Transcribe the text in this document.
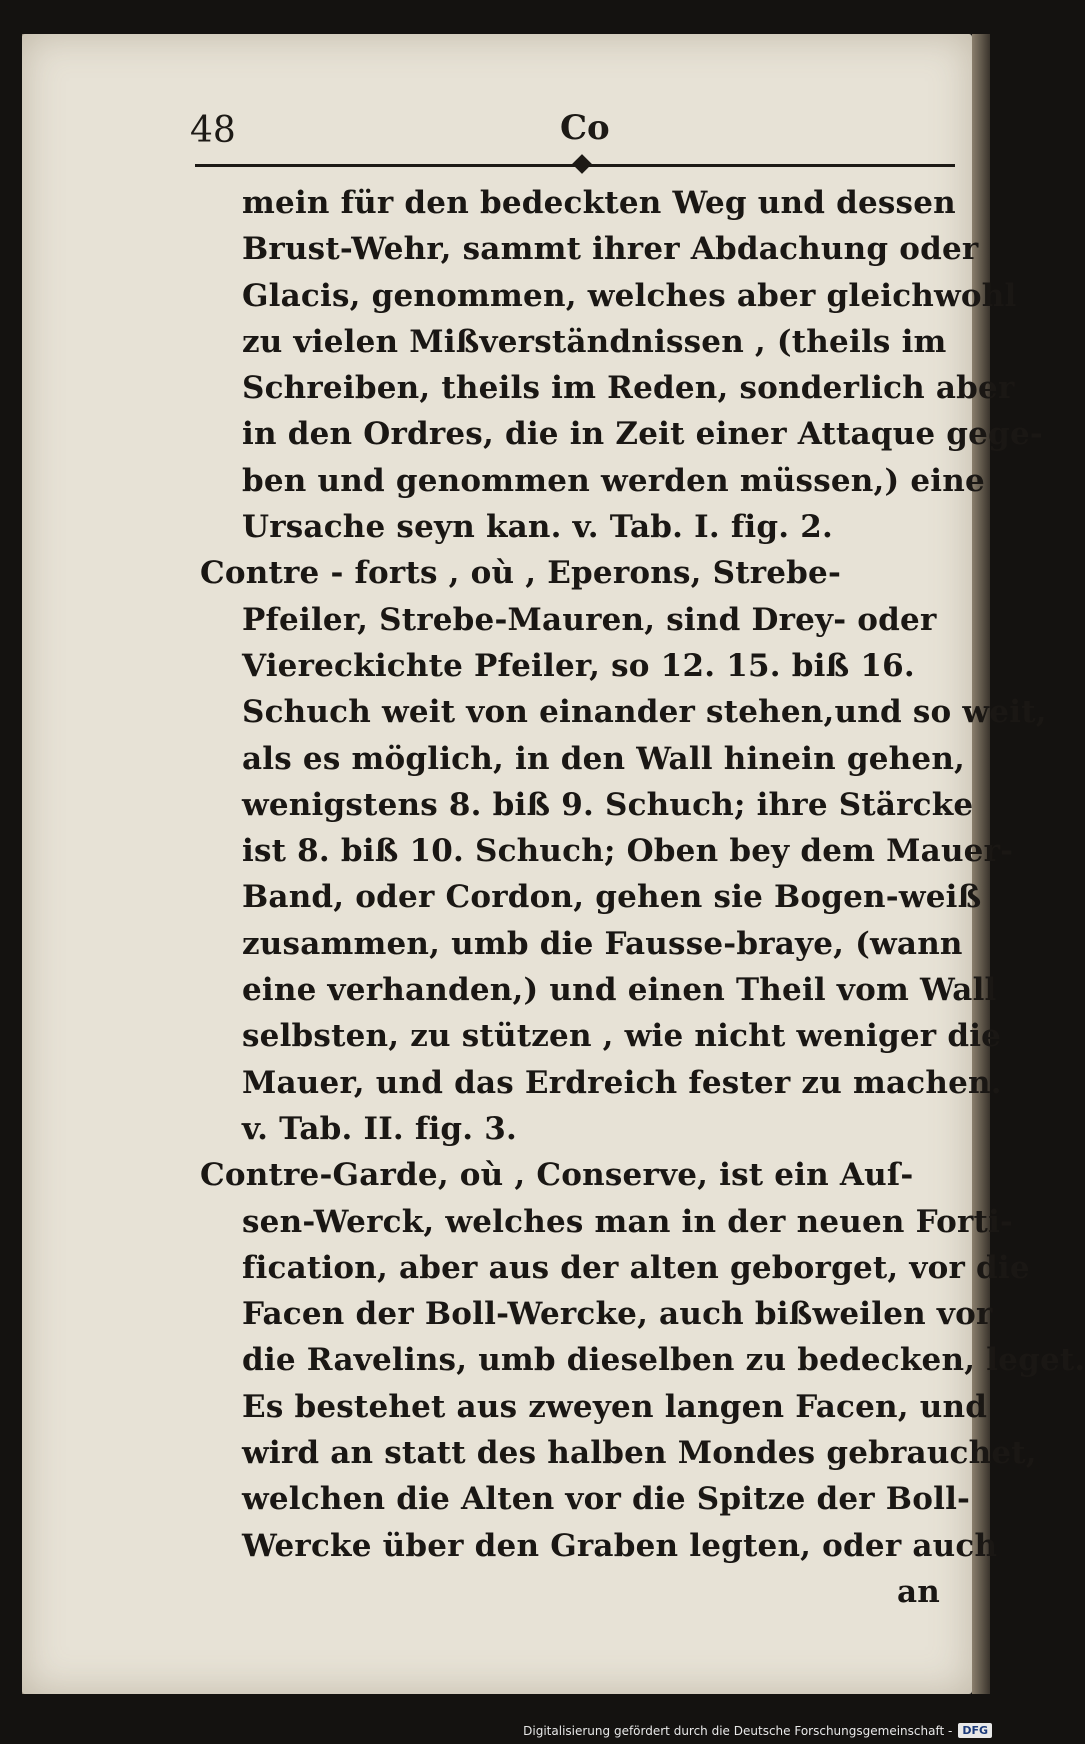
48	Co
mein für den bedeckten Weg und dessen
Brust-Wehr, sammt ihrer Abdachung oder
Glacis, genommen, welches aber gleichwohl
zu vielen Mißverständnissen , (theils im
Schreiben, theils im Reden, sonderlich aber
in den Ordres, die in Zeit einer Attaque gege-
ben und genommen werden müssen,) eine
Ursache seyn kan. v. Tab. I. fig. 2.
Contre - forts , où , Eperons, Strebe-
Pfeiler, Strebe-Mauren, sind Drey- oder
Viereckichte Pfeiler, so 12. 15. biß 16.
Schuch weit von einander stehen,und so weit,
als es möglich, in den Wall hinein gehen,
wenigstens 8. biß 9. Schuch; ihre Stärcke
ist 8. biß 10. Schuch; Oben bey dem Mauer-
Band, oder Cordon, gehen sie Bogen-weiß
zusammen, umb die Fausse-braye, (wann
eine verhanden,) und einen Theil vom Wall
selbsten, zu stützen , wie nicht weniger die
Mauer, und das Erdreich fester zu machen.
v. Tab. II. fig. 3.
Contre-Garde, où , Conserve, ist ein Auſ-
sen-Werck, welches man in der neuen Forti-
fication, aber aus der alten geborget, vor die
Facen der Boll-Wercke, auch bißweilen vor
die Ravelins, umb dieselben zu bedecken, leget.
Es bestehet aus zweyen langen Facen, und
wird an statt des halben Mondes gebrauchet,
welchen die Alten vor die Spitze der Boll-
Wercke über den Graben legten, oder auch
an
Digitalisierung gefördert durch die Deutsche Forschungsgemeinschaft - DFG
